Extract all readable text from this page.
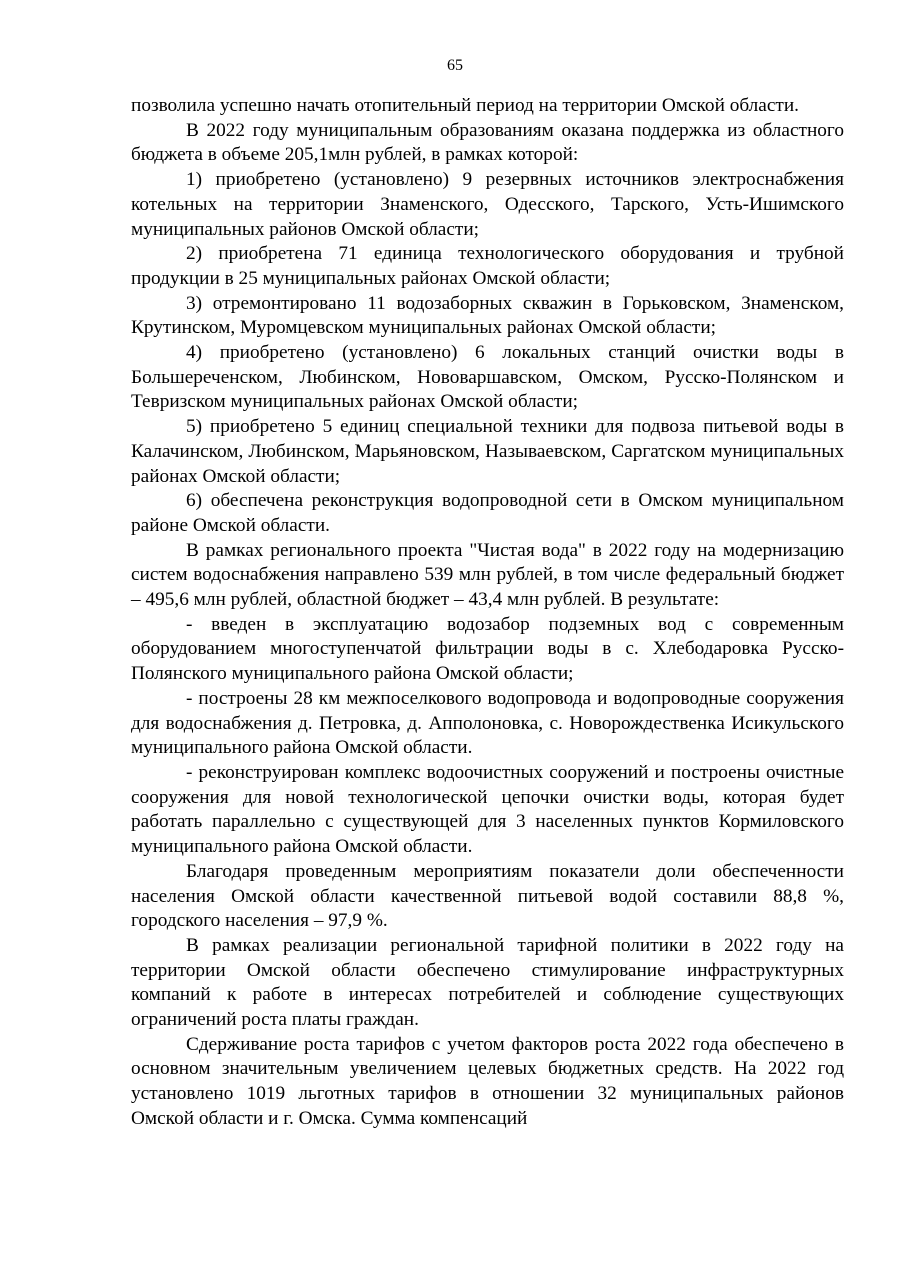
65

позволила успешно начать отопительный период на территории Омской области.

В 2022 году муниципальным образованиям оказана поддержка из областного бюджета в объеме 205,1млн рублей, в рамках которой:

1) приобретено (установлено) 9 резервных источников электроснабжения котельных на территории Знаменского, Одесского, Тарского, Усть-Ишимского муниципальных районов Омской области;

2) приобретена 71 единица технологического оборудования и трубной продукции в 25 муниципальных районах Омской области;

3) отремонтировано 11 водозаборных скважин в Горьковском, Знаменском, Крутинском, Муромцевском муниципальных районах Омской области;

4) приобретено (установлено) 6 локальных станций очистки воды в Большереченском, Любинском, Нововаршавском, Омском, Русско-Полянском и Тевризском муниципальных районах Омской области;

5) приобретено 5 единиц специальной техники для подвоза питьевой воды в Калачинском, Любинском, Марьяновском, Называевском, Саргатском муниципальных районах Омской области;

6) обеспечена реконструкция водопроводной сети в Омском муниципальном районе Омской области.

В рамках регионального проекта "Чистая вода" в 2022 году на модернизацию систем водоснабжения направлено 539 млн рублей, в том числе федеральный бюджет – 495,6 млн рублей, областной бюджет – 43,4 млн рублей. В результате:

- введен в эксплуатацию водозабор подземных вод с современным оборудованием многоступенчатой фильтрации воды в с. Хлебодаровка Русско-Полянского муниципального района Омской области;

- построены 28 км межпоселкового водопровода и водопроводные сооружения для водоснабжения д. Петровка, д. Апполоновка, с. Новорождественка Исикульского муниципального района Омской области.

- реконструирован комплекс водоочистных сооружений и построены очистные сооружения для новой технологической цепочки очистки воды, которая будет работать параллельно с существующей для 3 населенных пунктов Кормиловского муниципального района Омской области.

Благодаря проведенным мероприятиям показатели доли обеспеченности населения Омской области качественной питьевой водой составили 88,8 %, городского населения – 97,9 %.

В рамках реализации региональной тарифной политики в 2022 году на территории Омской области обеспечено стимулирование инфраструктурных компаний к работе в интересах потребителей и соблюдение существующих ограничений роста платы граждан.

Сдерживание роста тарифов с учетом факторов роста 2022 года обеспечено в основном значительным увеличением целевых бюджетных средств. На 2022 год установлено 1019 льготных тарифов в отношении 32 муниципальных районов Омской области и г. Омска. Сумма компенсаций
